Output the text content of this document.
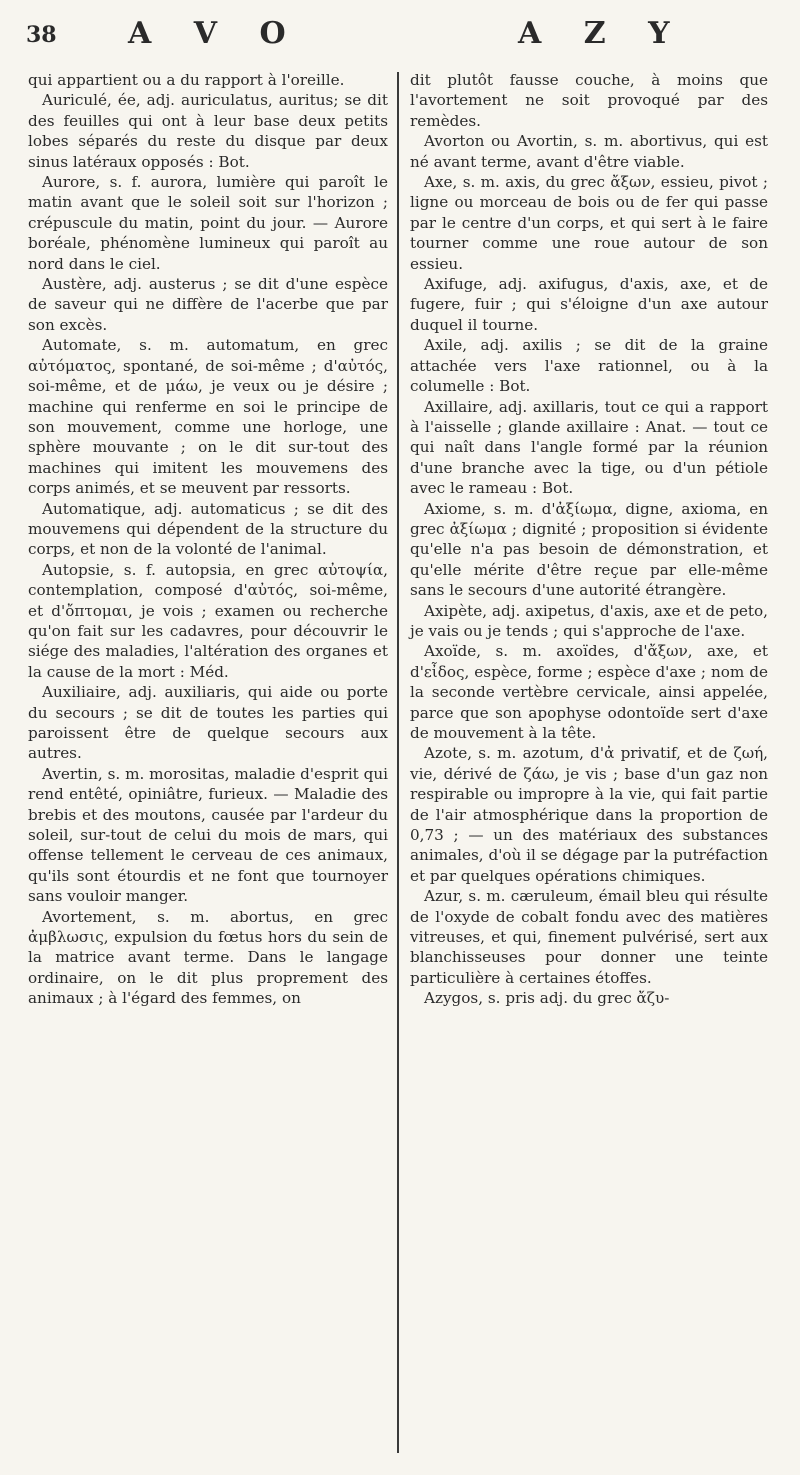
38 A V O	A Z Y

qui appartient ou a du rapport à l'oreille.

Auriculé, ée, adj. auriculatus, auritus; se dit des feuilles qui ont à leur base deux petits lobes séparés du reste du disque par deux sinus latéraux opposés : Bot.

Aurore, s. f. aurora, lumière qui paroît le matin avant que le soleil soit sur l'horizon ; crépuscule du matin, point du jour. — Aurore boréale, phénomène lumineux qui paroît au nord dans le ciel.

Austère, adj. austerus ; se dit d'une espèce de saveur qui ne diffère de l'acerbe que par son excès.

Automate, s. m. automatum, en grec αὐτόματος, spontané, de soi-même ; d'αὐτός, soi-même, et de μάω, je veux ou je désire ; machine qui renferme en soi le principe de son mouvement, comme une horloge, une sphère mouvante ; on le dit sur-tout des machines qui imitent les mouvemens des corps animés, et se meuvent par ressorts.

Automatique, adj. automaticus ; se dit des mouvemens qui dépendent de la structure du corps, et non de la volonté de l'animal.

Autopsie, s. f. autopsia, en grec αὐτοψία, contemplation, composé d'αὐτός, soi-même, et d'ὄπτομαι, je vois ; examen ou recherche qu'on fait sur les cadavres, pour découvrir le siége des maladies, l'altération des organes et la cause de la mort : Méd.

Auxiliaire, adj. auxiliaris, qui aide ou porte du secours ; se dit de toutes les parties qui paroissent être de quelque secours aux autres.

Avertin, s. m. morositas, maladie d'esprit qui rend entêté, opiniâtre, furieux. — Maladie des brebis et des moutons, causée par l'ardeur du soleil, sur-tout de celui du mois de mars, qui offense tellement le cerveau de ces animaux, qu'ils sont étourdis et ne font que tournoyer sans vouloir manger.

Avortement, s. m. abortus, en grec ἀμβλωσις, expulsion du fœtus hors du sein de la matrice avant terme. Dans le langage ordinaire, on le dit plus proprement des animaux ; à l'égard des femmes, on

dit plutôt fausse couche, à moins que l'avortement ne soit provoqué par des remèdes.

Avorton ou Avortin, s. m. abortivus, qui est né avant terme, avant d'être viable.

Axe, s. m. axis, du grec ἄξων, essieu, pivot ; ligne ou morceau de bois ou de fer qui passe par le centre d'un corps, et qui sert à le faire tourner comme une roue autour de son essieu.

Axifuge, adj. axifugus, d'axis, axe, et de fugere, fuir ; qui s'éloigne d'un axe autour duquel il tourne.

Axile, adj. axilis ; se dit de la graine attachée vers l'axe rationnel, ou à la columelle : Bot.

Axillaire, adj. axillaris, tout ce qui a rapport à l'aisselle ; glande axillaire : Anat. — tout ce qui naît dans l'angle formé par la réunion d'une branche avec la tige, ou d'un pétiole avec le rameau : Bot.

Axiome, s. m. d'ἀξίωμα, digne, axioma, en grec ἀξίωμα ; dignité ; proposition si évidente qu'elle n'a pas besoin de démonstration, et qu'elle mérite d'être reçue par elle-même sans le secours d'une autorité étrangère.

Axipète, adj. axipetus, d'axis, axe et de peto, je vais ou je tends ; qui s'approche de l'axe.

Axoïde, s. m. axoïdes, d'ἄξων, axe, et d'εἶδος, espèce, forme ; espèce d'axe ; nom de la seconde vertèbre cervicale, ainsi appelée, parce que son apophyse odontoïde sert d'axe de mouvement à la tête.

Azote, s. m. azotum, d'ἀ privatif, et de ζωή, vie, dérivé de ζάω, je vis ; base d'un gaz non respirable ou impropre à la vie, qui fait partie de l'air atmosphérique dans la proportion de 0,73 ; — un des matériaux des substances animales, d'où il se dégage par la putréfaction et par quelques opérations chimiques.

Azur, s. m. cæruleum, émail bleu qui résulte de l'oxyde de cobalt fondu avec des matières vitreuses, et qui, finement pulvérisé, sert aux blanchisseuses pour donner une teinte particulière à certaines étoffes.

Azygos, s. pris adj. du grec ἄζυ-
